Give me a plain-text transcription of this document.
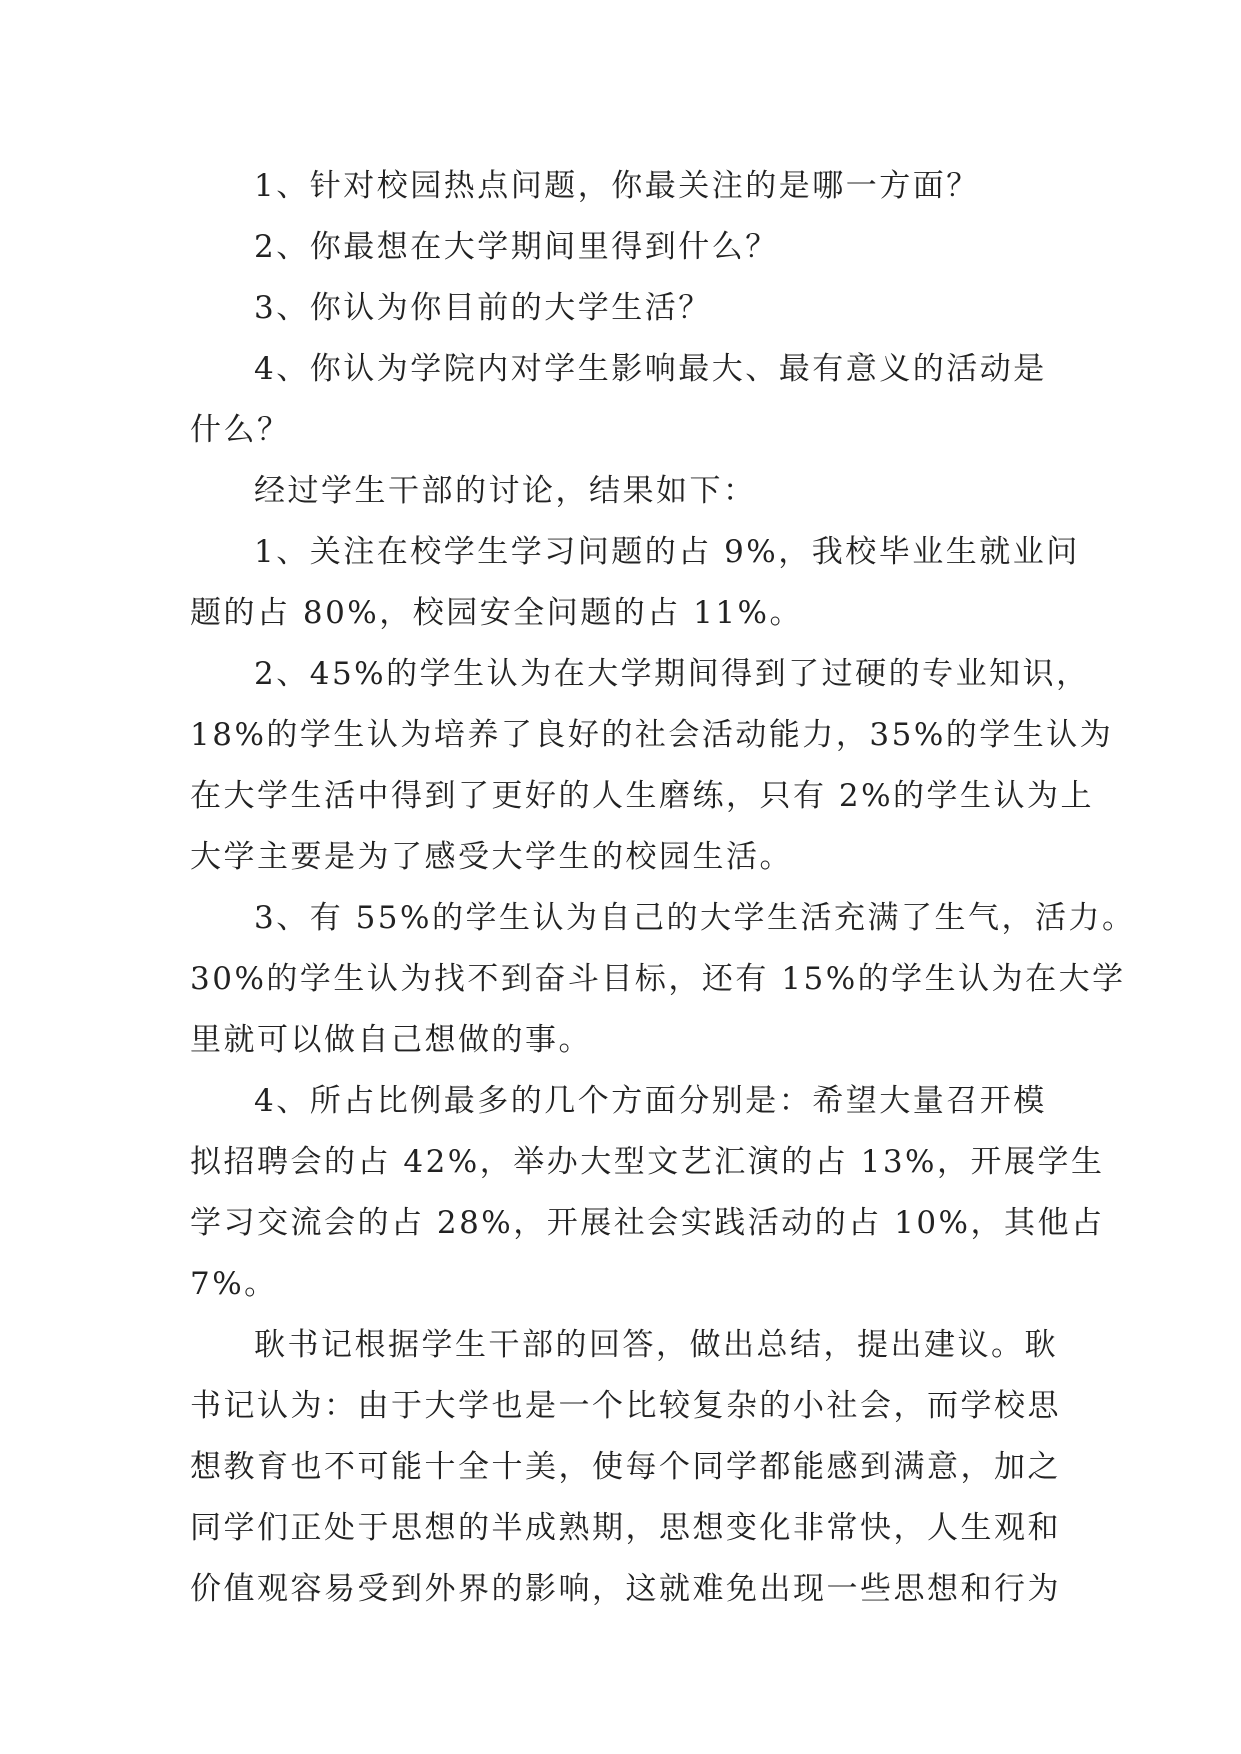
1、针对校园热点问题，你最关注的是哪一方面？
2、你最想在大学期间里得到什么？
3、你认为你目前的大学生活？
4、你认为学院内对学生影响最大、最有意义的活动是
什么？
经过学生干部的讨论，结果如下：
1、关注在校学生学习问题的占 9%，我校毕业生就业问
题的占 80%，校园安全问题的占 11%。
2、45%的学生认为在大学期间得到了过硬的专业知识，
18%的学生认为培养了良好的社会活动能力，35%的学生认为
在大学生活中得到了更好的人生磨练，只有 2%的学生认为上
大学主要是为了感受大学生的校园生活。
3、有 55%的学生认为自己的大学生活充满了生气，活力。
30%的学生认为找不到奋斗目标，还有 15%的学生认为在大学
里就可以做自己想做的事。
4、所占比例最多的几个方面分别是：希望大量召开模
拟招聘会的占 42%，举办大型文艺汇演的占 13%，开展学生
学习交流会的占 28%，开展社会实践活动的占 10%，其他占
7%。
耿书记根据学生干部的回答，做出总结，提出建议。耿
书记认为：由于大学也是一个比较复杂的小社会，而学校思
想教育也不可能十全十美，使每个同学都能感到满意，加之
同学们正处于思想的半成熟期，思想变化非常快，人生观和
价值观容易受到外界的影响，这就难免出现一些思想和行为
